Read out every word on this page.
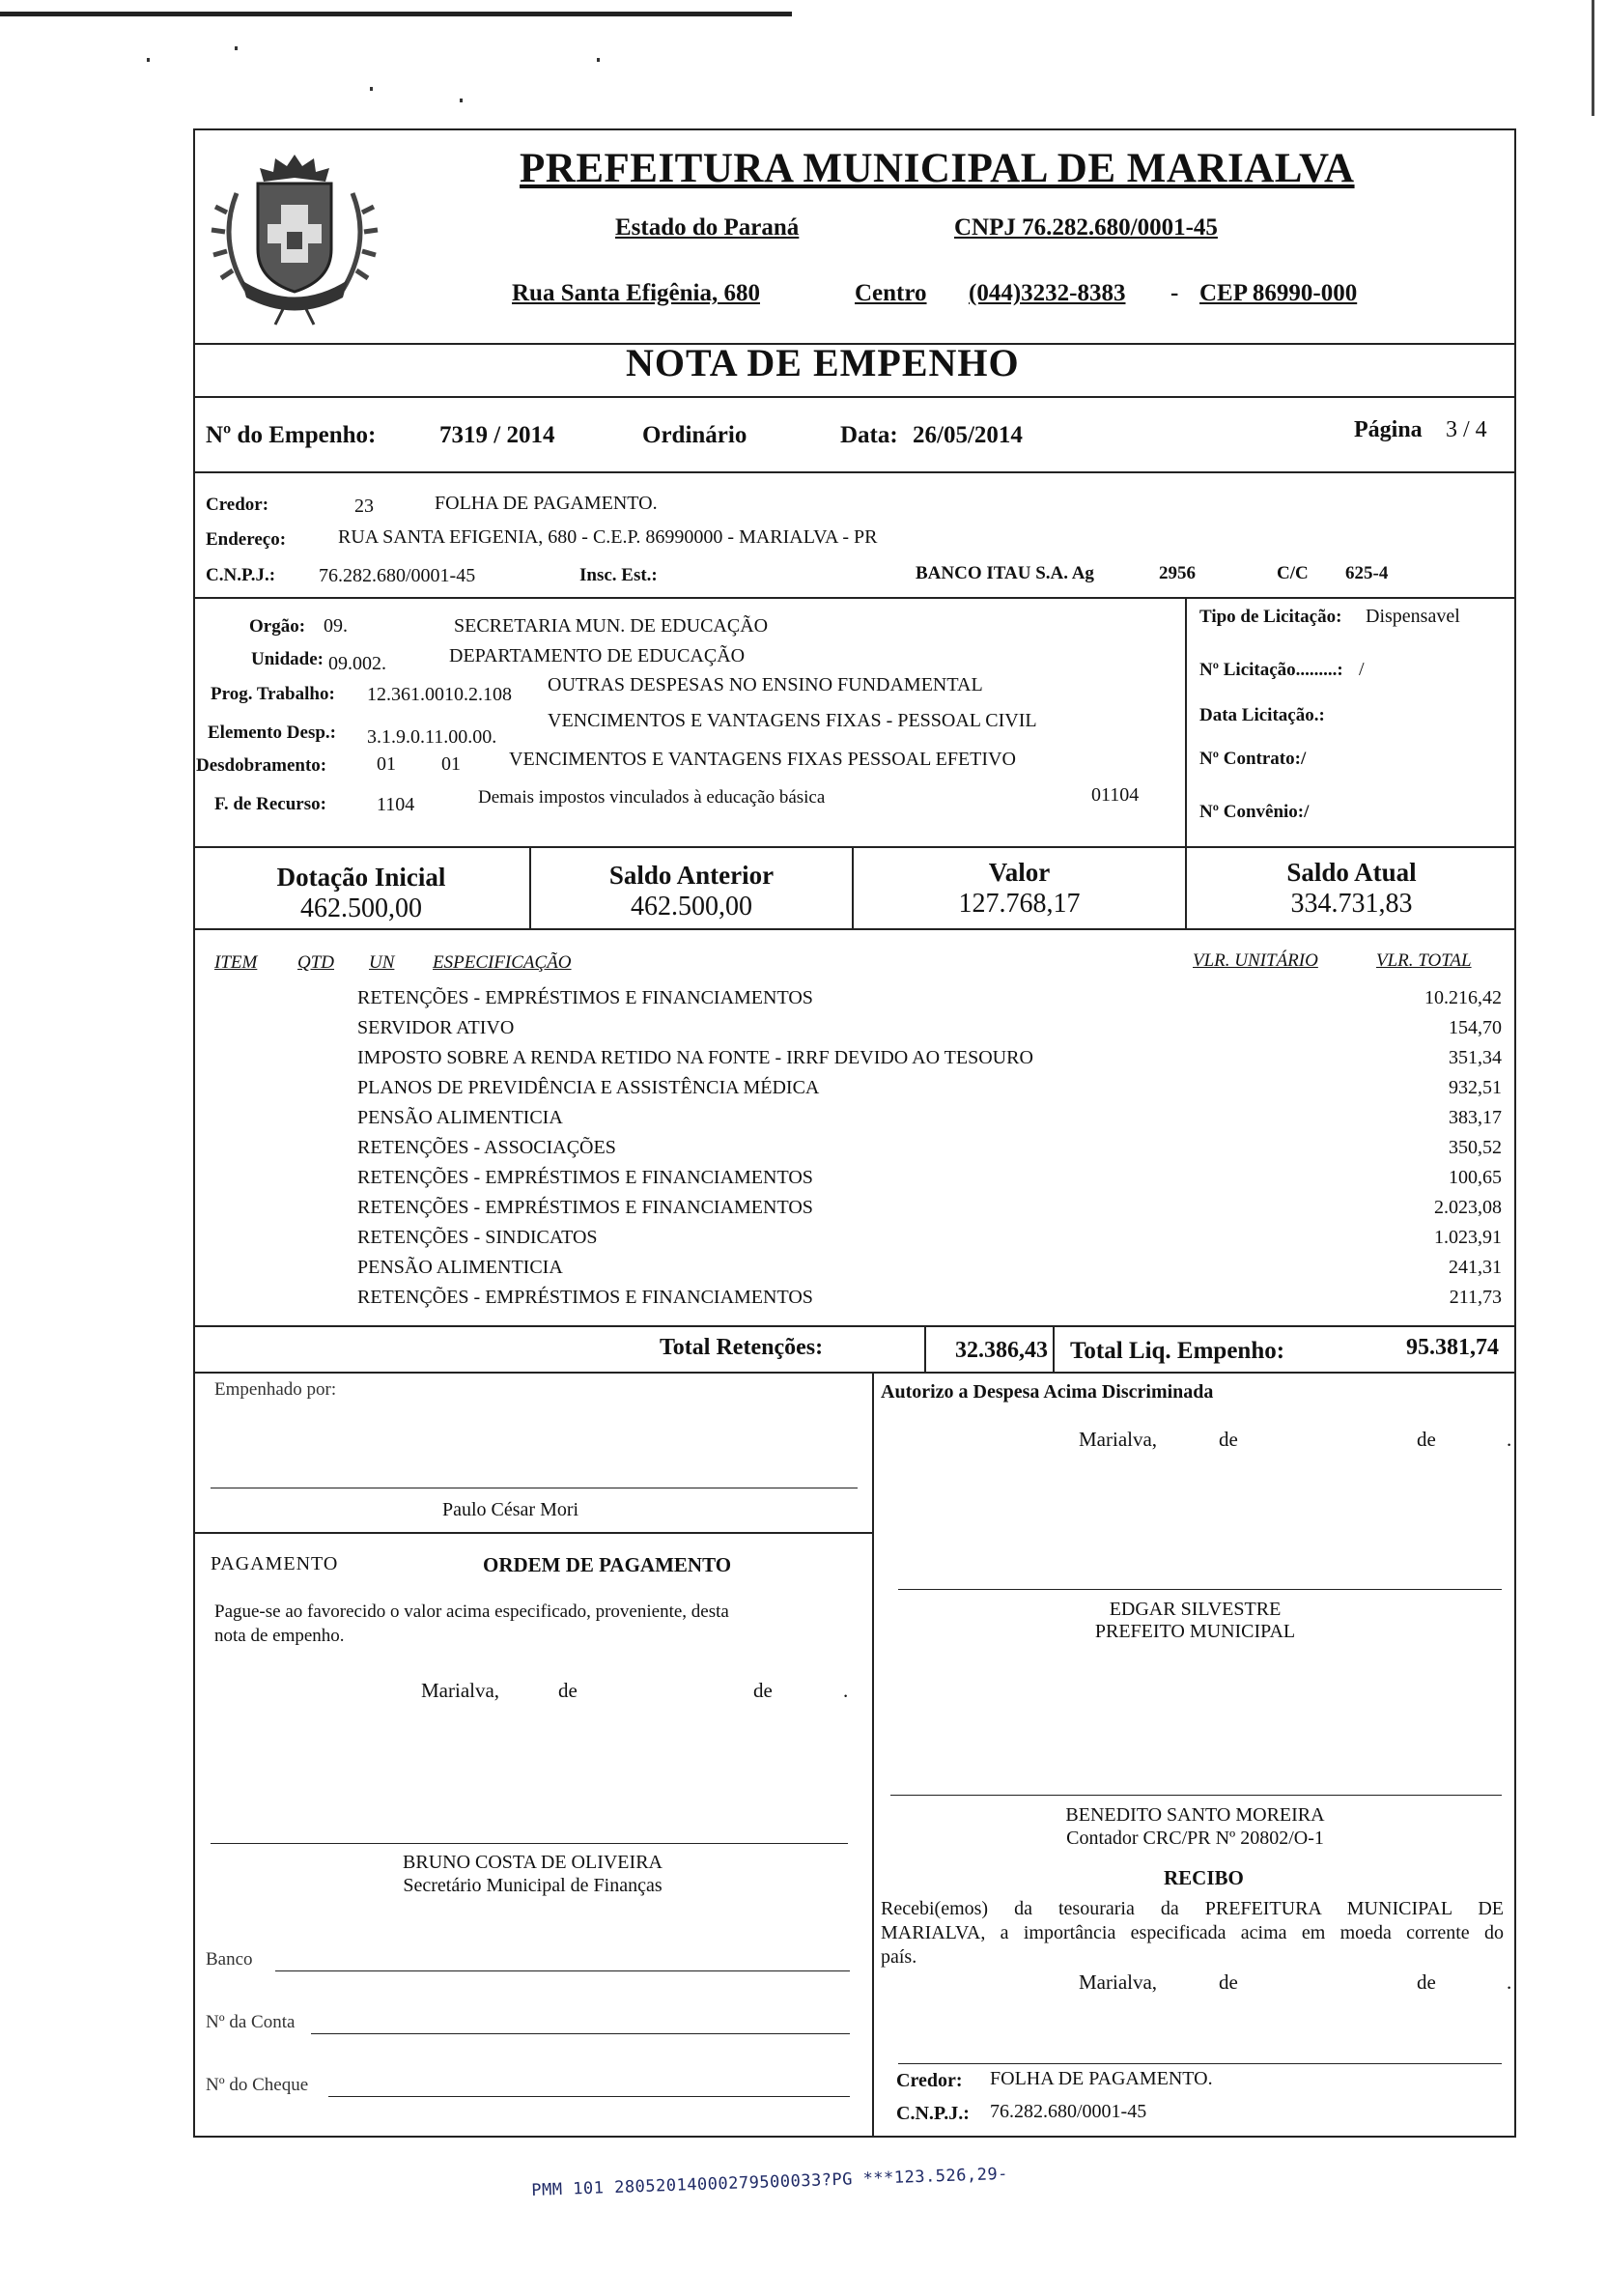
PREFEITURA MUNICIPAL DE MARIALVA
Estado do Paraná	CNPJ 76.282.680/0001-45
Rua Santa Efigênia, 680	Centro (044)3232-8383 - CEP 86990-000
NOTA DE EMPENHO
Nº do Empenho:	7319 / 2014	Ordinário	Data: 26/05/2014	Página 3 / 4
Credor:	23	FOLHA DE PAGAMENTO.
Endereço:	RUA SANTA EFIGENIA, 680 - C.E.P. 86990000 - MARIALVA - PR
C.N.P.J.: 76.282.680/0001-45	Insc. Est.:	BANCO ITAU S.A. Ag	2956	C/C 625-4
Orgão: 09.	SECRETARIA MUN. DE EDUCAÇÃO
Unidade: 09.002.	DEPARTAMENTO DE EDUCAÇÃO
Prog. Trabalho: 12.361.0010.2.108 OUTRAS DESPESAS NO ENSINO FUNDAMENTAL
Elemento Desp.: 3.1.9.0.11.00.00.
VENCIMENTOS E VANTAGENS FIXAS - PESSOAL CIVIL
Desdobramento:	01 01	VENCIMENTOS E VANTAGENS FIXAS PESSOAL EFETIVO
F. de Recurso:	1104	Demais impostos vinculados à educação básica	01104
Tipo de Licitação: Dispensavel
Nº Licitação.........: /
Data Licitação.:
Nº Contrato:/
Nº Convênio:/
Dotação Inicial
462.500,00
Saldo Anterior
462.500,00
Valor
127.768,17
Saldo Atual
334.731,83
ITEM QTD UN ESPECIFICAÇÃO	VLR. UNITÁRIO	VLR. TOTAL
RETENÇÕES - EMPRÉSTIMOS E FINANCIAMENTOS	10.216,42
SERVIDOR ATIVO	154,70
IMPOSTO SOBRE A RENDA RETIDO NA FONTE - IRRF DEVIDO AO TESOURO	351,34
PLANOS DE PREVIDÊNCIA E ASSISTÊNCIA MÉDICA	932,51
PENSÃO ALIMENTICIA	383,17
RETENÇÕES - ASSOCIAÇÕES	350,52
RETENÇÕES - EMPRÉSTIMOS E FINANCIAMENTOS	100,65
RETENÇÕES - EMPRÉSTIMOS E FINANCIAMENTOS	2.023,08
RETENÇÕES - SINDICATOS	1.023,91
PENSÃO ALIMENTICIA	241,31
RETENÇÕES - EMPRÉSTIMOS E FINANCIAMENTOS	211,73
Total Retenções:	32.386,43 Total Liq. Empenho:	95.381,74
Empenhado por:
Paulo César Mori
Autorizo a Despesa Acima Discriminada
Marialva,	de	de	.
PAGAMENTO	ORDEM DE PAGAMENTO
Pague-se ao favorecido o valor acima especificado, proveniente, desta
nota de empenho.
Marialva,	de	de	.
EDGAR SILVESTRE
PREFEITO MUNICIPAL
BENEDITO SANTO MOREIRA
Contador CRC/PR Nº 20802/O-1
BRUNO COSTA DE OLIVEIRA
Secretário Municipal de Finanças
Banco
Nº da Conta
Nº do Cheque
RECIBO
Recebi(emos) da tesouraria da PREFEITURA MUNICIPAL DE
MARIALVA, a importância especificada acima em moeda corrente do
país.
Marialva,	de	de	.
Credor: FOLHA DE PAGAMENTO.
C.N.P.J.: 76.282.680/0001-45
PMM 101 28052014000279500033?PG ***123.526,29-
